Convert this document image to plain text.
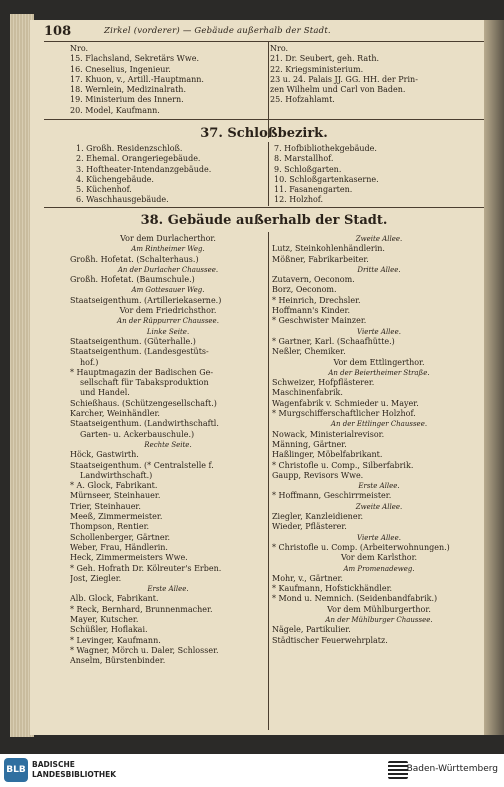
108	Zirkel (vorderer) — Gebäude außerhalb der Stadt.
Nro.
15. Flachsland, Sekretärs Wwe.
16. Cneselius, Ingenieur.
17. Khuon, v., Artill.-Hauptmann.
18. Wernlein, Medizinalrath.
19. Ministerium des Innern.
20. Model, Kaufmann.
Nro.
21. Dr. Seubert, geh. Rath.
22. Kriegsministerium.
23 u. 24. Palais JJ. GG. HH. der Prin-
zen Wilhelm und Carl von Baden.
25. Hofzahlamt.
37. Schloßbezirk.
1. Großh. Residenzschloß.
2. Ehemal. Orangeriegebäude.
3. Hoftheater-Intendanzgebäude.
4. Küchengebäude.
5. Küchenhof.
6. Waschhausgebäude.
7. Hofbibliothekgebäude.
8. Marstallhof.
9. Schloßgarten.
10. Schloßgartenkaserne.
11. Fasanengarten.
12. Holzhof.
38. Gebäude außerhalb der Stadt.
Vor dem Durlacherthor.
Am Rintheimer Weg.
Großh. Hofetat. (Schalterhaus.)
An der Durlacher Chaussee.
Großh. Hofetat. (Baumschule.)
Am Gottesauer Weg.
Staatseigenthum. (Artilleriekaserne.)
Vor dem Friedrichsthor.
An der Rüppurrer Chaussee.
Linke Seite.
Staatseigenthum. (Güterhalle.)
Staatseigenthum. (Landesgestüts-
hof.)
* Hauptmagazin der Badischen Ge-
sellschaft für Tabaksproduktion
und Handel.
Schießhaus. (Schützengesellschaft.)
Karcher, Weinhändler.
Staatseigenthum. (Landwirthschaftl.
Garten- u. Ackerbauschule.)
Rechte Seite.
Höck, Gastwirth.
Staatseigenthum. (* Centralstelle f.
Landwirthschaft.)
* A. Glock, Fabrikant.
Mürnseer, Steinhauer.
Trier, Steinhauer.
Meeß, Zimmermeister.
Thompson, Rentier.
Schollenberger, Gärtner.
Weber, Frau, Händlerin.
Heck, Zimmermeisters Wwe.
* Geh. Hofrath Dr. Kölreuter's Erben.
Jost, Ziegler.
Erste Allee.
Alb. Glock, Fabrikant.
* Reck, Bernhard, Brunnenmacher.
Mayer, Kutscher.
Schüßler, Hoflakai.
* Levinger, Kaufmann.
* Wagner, Mörch u. Daler, Schlosser.
Anselm, Bürstenbinder.
Zweite Allee.
Lutz, Steinkohlenhändlerin.
Mößner, Fabrikarbeiter.
Dritte Allee.
Zutavern, Oeconom.
Borz, Oeconom.
* Heinrich, Drechsler.
Hoffmann's Kinder.
* Geschwister Mainzer.
Vierte Allee.
* Gartner, Karl. (Schaafhütte.)
Neßler, Chemiker.
Vor dem Ettlingerthor.
An der Beiertheimer Straße.
Schweizer, Hofpflästerer.
Maschinenfabrik.
Wagenfabrik v. Schmieder u. Mayer.
* Murgschifferschaftlicher Holzhof.
An der Ettlinger Chaussee.
Nowack, Ministerialrevisor.
Männing, Gärtner.
Haßlinger, Möbelfabrikant.
* Christofle u. Comp., Silberfabrik.
Gaupp, Revisors Wwe.
Erste Allee.
* Hoffmann, Geschirrmeister.
Zweite Allee.
Ziegler, Kanzleidiener.
Wieder, Pflästerer.
Vierte Allee.
* Christofle u. Comp. (Arbeiterwohnungen.)
Vor dem Karlsthor.
Am Promenadeweg.
Mohr, v., Gärtner.
* Kaufmann, Hofstickhändler.
* Mond u. Nemnich. (Seidenbandfabrik.)
Vor dem Mühlburgerthor.
An der Mühlburger Chaussee.
Nägele, Partikulier.
Städtischer Feuerwehrplatz.
BLB
BADISCHE
LANDESBIBLIOTHEK
Baden-Württemberg
